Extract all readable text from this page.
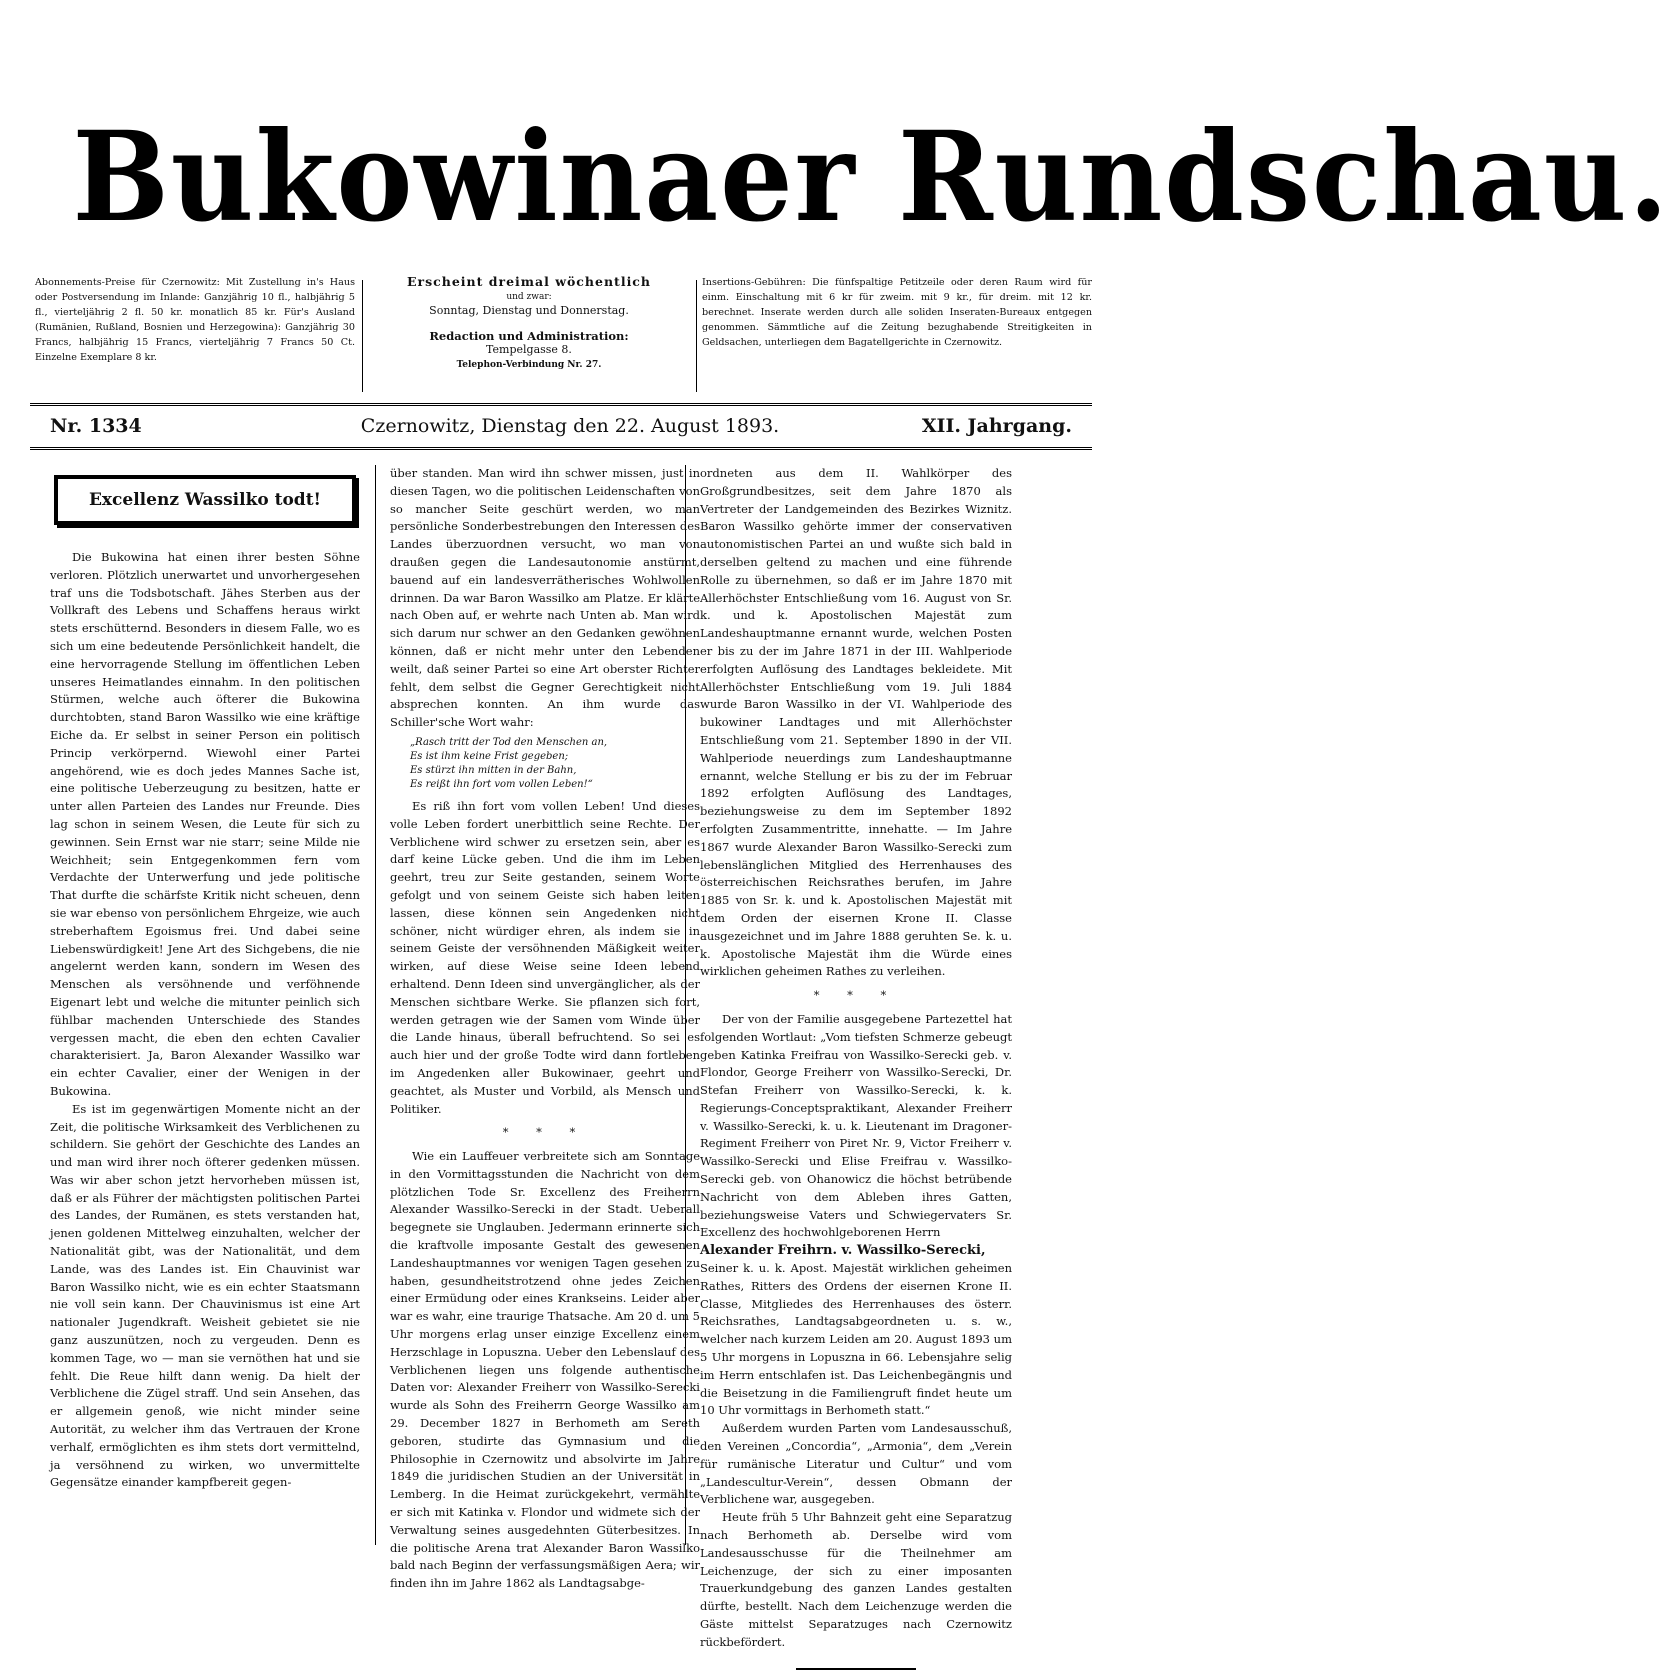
Bukowinaer Rundschau.

Abonnements-Preise für Czernowitz: Mit Zustellung in's Haus oder Postversendung im Inlande: Ganzjährig 10 fl., halbjährig 5 fl., vierteljährig 2 fl. 50 kr. monatlich 85 kr. Für's Ausland (Rumänien, Rußland, Bosnien und Herzegowina): Ganzjährig 30 Francs, halbjährig 15 Francs, vierteljährig 7 Francs 50 Ct. Einzelne Exemplare 8 kr.

Erscheint dreimal wöchentlich
und zwar:
Sonntag, Dienstag und Donnerstag.
Redaction und Administration:
Tempelgasse 8.
Telephon-Verbindung Nr. 27.

Insertions-Gebühren: Die fünfspaltige Petitzeile oder deren Raum wird für einm. Einschaltung mit 6 kr für zweim. mit 9 kr., für dreim. mit 12 kr. berechnet. Inserate werden durch alle soliden Inseraten-Bureaux entgegen genommen. Sämmtliche auf die Zeitung bezughabende Streitigkeiten in Geldsachen, unterliegen dem Bagatellgerichte in Czernowitz.

Nr. 1334	Czernowitz, Dienstag den 22. August 1893.	XII. Jahrgang.
Excellenz Wassilko todt!

Die Bukowina hat einen ihrer besten Söhne verloren. Plötzlich unerwartet und unvorhergesehen traf uns die Todsbotschaft. Jähes Sterben aus der Vollkraft des Lebens und Schaffens heraus wirkt stets erschütternd. Besonders in diesem Falle, wo es sich um eine bedeutende Persönlichkeit handelt, die eine hervorragende Stellung im öffentlichen Leben unseres Heimatlandes einnahm. In den politischen Stürmen, welche auch öfterer die Bukowina durchtobten, stand Baron Wassilko wie eine kräftige Eiche da. Er selbst in seiner Person ein politisch Princip verkörpernd. Wiewohl einer Partei angehörend, wie es doch jedes Mannes Sache ist, eine politische Ueberzeugung zu besitzen, hatte er unter allen Parteien des Landes nur Freunde. Dies lag schon in seinem Wesen, die Leute für sich zu gewinnen. Sein Ernst war nie starr; seine Milde nie Weichheit; sein Entgegenkommen fern vom Verdachte der Unterwerfung und jede politische That durfte die schärfste Kritik nicht scheuen, denn sie war ebenso von persönlichem Ehrgeize, wie auch streberhaftem Egoismus frei. Und dabei seine Liebenswürdigkeit! Jene Art des Sichgebens, die nie angelernt werden kann, sondern im Wesen des Menschen als versöhnende und verföhnende Eigenart lebt und welche die mitunter peinlich sich fühlbar machenden Unterschiede des Standes vergessen macht, die eben den echten Cavalier charakterisiert. Ja, Baron Alexander Wassilko war ein echter Cavalier, einer der Wenigen in der Bukowina.

Es ist im gegenwärtigen Momente nicht an der Zeit, die politische Wirksamkeit des Verblichenen zu schildern. Sie gehört der Geschichte des Landes an und man wird ihrer noch öfterer gedenken müssen. Was wir aber schon jetzt hervorheben müssen ist, daß er als Führer der mächtigsten politischen Partei des Landes, der Rumänen, es stets verstanden hat, jenen goldenen Mittelweg einzuhalten, welcher der Nationalität gibt, was der Nationalität, und dem Lande, was des Landes ist. Ein Chauvinist war Baron Wassilko nicht, wie es ein echter Staatsmann nie voll sein kann. Der Chauvinismus ist eine Art nationaler Jugendkraft. Weisheit gebietet sie nie ganz auszunützen, noch zu vergeuden. Denn es kommen Tage, wo — man sie vernöthen hat und sie fehlt. Die Reue hilft dann wenig. Da hielt der Verblichene die Zügel straff. Und sein Ansehen, das er allgemein genoß, wie nicht minder seine Autorität, zu welcher ihm das Vertrauen der Krone verhalf, ermöglichten es ihm stets dort vermittelnd, ja versöhnend zu wirken, wo unvermittelte Gegensätze einander kampfbereit gegen-

über standen. Man wird ihn schwer missen, just in diesen Tagen, wo die politischen Leidenschaften von so mancher Seite geschürt werden, wo man persönliche Sonderbestrebungen den Interessen des Landes überzuordnen versucht, wo man von draußen gegen die Landesautonomie anstürmt, bauend auf ein landesverrätherisches Wohlwollen drinnen. Da war Baron Wassilko am Platze. Er klärte nach Oben auf, er wehrte nach Unten ab. Man wird sich darum nur schwer an den Gedanken gewöhnen können, daß er nicht mehr unter den Lebenden weilt, daß seiner Partei so eine Art oberster Richter fehlt, dem selbst die Gegner Gerechtigkeit nicht absprechen konnten. An ihm wurde das Schiller'sche Wort wahr:

„Rasch tritt der Tod den Menschen an,

Es ist ihm keine Frist gegeben;

Es stürzt ihn mitten in der Bahn,

Es reißt ihn fort vom vollen Leben!“

Es riß ihn fort vom vollen Leben! Und dieses volle Leben fordert unerbittlich seine Rechte. Der Verblichene wird schwer zu ersetzen sein, aber es darf keine Lücke geben. Und die ihm im Leben geehrt, treu zur Seite gestanden, seinem Worte gefolgt und von seinem Geiste sich haben leiten lassen, diese können sein Angedenken nicht schöner, nicht würdiger ehren, als indem sie in seinem Geiste der versöhnenden Mäßigkeit weiter wirken, auf diese Weise seine Ideen lebend erhaltend. Denn Ideen sind unvergänglicher, als der Menschen sichtbare Werke. Sie pflanzen sich fort, werden getragen wie der Samen vom Winde über die Lande hinaus, überall befruchtend. So sei es auch hier und der große Todte wird dann fortleben im Angedenken aller Bukowinaer, geehrt und geachtet, als Muster und Vorbild, als Mensch und Politiker.

* * *

Wie ein Lauffeuer verbreitete sich am Sonntage in den Vormittagsstunden die Nachricht von dem plötzlichen Tode Sr. Excellenz des Freiherrn Alexander Wassilko-Serecki in der Stadt. Ueberall begegnete sie Unglauben. Jedermann erinnerte sich die kraftvolle imposante Gestalt des gewesenen Landeshauptmannes vor wenigen Tagen gesehen zu haben, gesundheitstrotzend ohne jedes Zeichen einer Ermüdung oder eines Krankseins. Leider aber war es wahr, eine traurige Thatsache. Am 20 d. um 5 Uhr morgens erlag unser einzige Excellenz einem Herzschlage in Lopuszna. Ueber den Lebenslauf des Verblichenen liegen uns folgende authentische Daten vor: Alexander Freiherr von Wassilko-Serecki wurde als Sohn des Freiherrn George Wassilko am 29. December 1827 in Berhometh am Sereth geboren, studirte das Gymnasium und die Philosophie in Czernowitz und absolvirte im Jahre 1849 die juridischen Studien an der Universität in Lemberg. In die Heimat zurückgekehrt, vermählte er sich mit Katinka v. Flondor und widmete sich der Verwaltung seines ausgedehnten Güterbesitzes. In die politische Arena trat Alexander Baron Wassilko bald nach Beginn der verfassungsmäßigen Aera; wir finden ihn im Jahre 1862 als Landtagsabge-

ordneten aus dem II. Wahlkörper des Großgrundbesitzes, seit dem Jahre 1870 als Vertreter der Landgemeinden des Bezirkes Wiznitz. Baron Wassilko gehörte immer der conservativen autonomistischen Partei an und wußte sich bald in derselben geltend zu machen und eine führende Rolle zu übernehmen, so daß er im Jahre 1870 mit Allerhöchster Entschließung vom 16. August von Sr. k. und k. Apostolischen Majestät zum Landeshauptmanne ernannt wurde, welchen Posten er bis zu der im Jahre 1871 in der III. Wahlperiode erfolgten Auflösung des Landtages bekleidete. Mit Allerhöchster Entschließung vom 19. Juli 1884 wurde Baron Wassilko in der VI. Wahlperiode des bukowiner Landtages und mit Allerhöchster Entschließung vom 21. September 1890 in der VII. Wahlperiode neuerdings zum Landeshauptmanne ernannt, welche Stellung er bis zu der im Februar 1892 erfolgten Auflösung des Landtages, beziehungsweise zu dem im September 1892 erfolgten Zusammentritte, innehatte. — Im Jahre 1867 wurde Alexander Baron Wassilko-Serecki zum lebenslänglichen Mitglied des Herrenhauses des österreichischen Reichsrathes berufen, im Jahre 1885 von Sr. k. und k. Apostolischen Majestät mit dem Orden der eisernen Krone II. Classe ausgezeichnet und im Jahre 1888 geruhten Se. k. u. k. Apostolische Majestät ihm die Würde eines wirklichen geheimen Rathes zu verleihen.

* * *

Der von der Familie ausgegebene Partezettel hat folgenden Wortlaut: „Vom tiefsten Schmerze gebeugt geben Katinka Freifrau von Wassilko-Serecki geb. v. Flondor, George Freiherr von Wassilko-Serecki, Dr. Stefan Freiherr von Wassilko-Serecki, k. k. Regierungs-Conceptspraktikant, Alexander Freiherr v. Wassilko-Serecki, k. u. k. Lieutenant im Dragoner-Regiment Freiherr von Piret Nr. 9, Victor Freiherr v. Wassilko-Serecki und Elise Freifrau v. Wassilko-Serecki geb. von Ohanowicz die höchst betrübende Nachricht von dem Ableben ihres Gatten, beziehungsweise Vaters und Schwiegervaters Sr. Excellenz des hochwohlgeborenen Herrn

Alexander Freihrn. v. Wassilko-Serecki,

Seiner k. u. k. Apost. Majestät wirklichen geheimen Rathes, Ritters des Ordens der eisernen Krone II. Classe, Mitgliedes des Herrenhauses des österr. Reichsrathes, Landtagsabgeordneten u. s. w., welcher nach kurzem Leiden am 20. August 1893 um 5 Uhr morgens in Lopuszna in 66. Lebensjahre selig im Herrn entschlafen ist. Das Leichenbegängnis und die Beisetzung in die Familiengruft findet heute um 10 Uhr vormittags in Berhometh statt.“

Außerdem wurden Parten vom Landesausschuß, den Vereinen „Concordia“, „Armonia“, dem „Verein für rumänische Literatur und Cultur“ und vom „Landescultur-Verein“, dessen Obmann der Verblichene war, ausgegeben.

Heute früh 5 Uhr Bahnzeit geht eine Separatzug nach Berhometh ab. Derselbe wird vom Landesausschusse für die Theilnehmer am Leichenzuge, der sich zu einer imposanten Trauerkundgebung des ganzen Landes gestalten dürfte, bestellt. Nach dem Leichenzuge werden die Gäste mittelst Separatzuges nach Czernowitz rückbefördert.
